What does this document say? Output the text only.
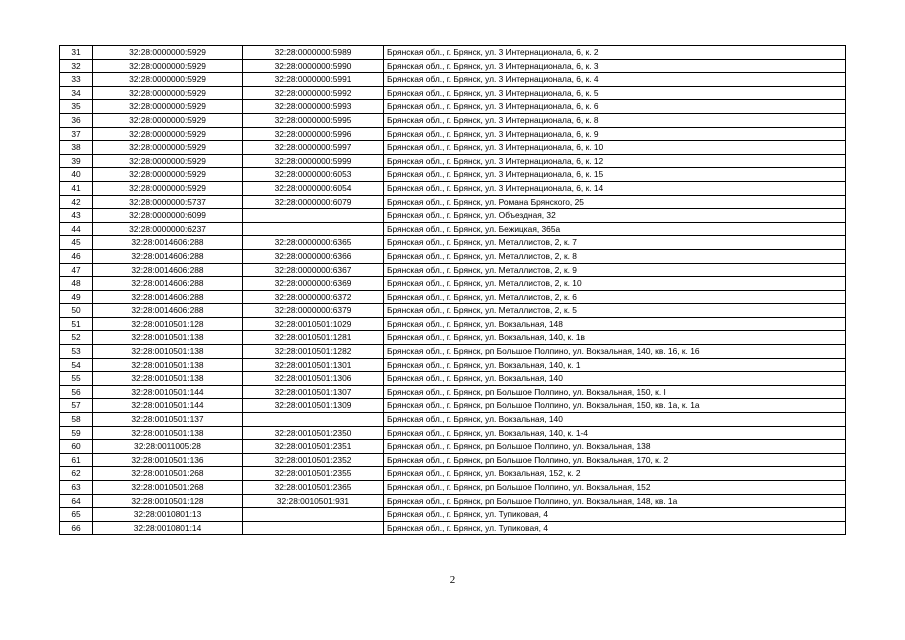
31	32:28:0000000:5929	32:28:0000000:5989	Брянская обл., г. Брянск, ул. 3 Интернационала, 6, к. 2
32	32:28:0000000:5929	32:28:0000000:5990	Брянская обл., г. Брянск, ул. 3 Интернационала, 6, к. 3
33	32:28:0000000:5929	32:28:0000000:5991	Брянская обл., г. Брянск, ул. 3 Интернационала, 6, к. 4
34	32:28:0000000:5929	32:28:0000000:5992	Брянская обл., г. Брянск, ул. 3 Интернационала, 6, к. 5
35	32:28:0000000:5929	32:28:0000000:5993	Брянская обл., г. Брянск, ул. 3 Интернационала, 6, к. 6
36	32:28:0000000:5929	32:28:0000000:5995	Брянская обл., г. Брянск, ул. 3 Интернационала, 6, к. 8
37	32:28:0000000:5929	32:28:0000000:5996	Брянская обл., г. Брянск, ул. 3 Интернационала, 6, к. 9
38	32:28:0000000:5929	32:28:0000000:5997	Брянская обл., г. Брянск, ул. 3 Интернационала, 6, к. 10
39	32:28:0000000:5929	32:28:0000000:5999	Брянская обл., г. Брянск, ул. 3 Интернационала, 6, к. 12
40	32:28:0000000:5929	32:28:0000000:6053	Брянская обл., г. Брянск, ул. 3 Интернационала, 6, к. 15
41	32:28:0000000:5929	32:28:0000000:6054	Брянская обл., г. Брянск, ул. 3 Интернационала, 6, к. 14
42	32:28:0000000:5737	32:28:0000000:6079	Брянская обл., г. Брянск, ул. Романа Брянского, 25
43	32:28:0000000:6099		Брянская обл., г. Брянск, ул. Объездная, 32
44	32:28:0000000:6237		Брянская обл., г. Брянск, ул. Бежицкая, 365а
45	32:28:0014606:288	32:28:0000000:6365	Брянская обл., г. Брянск, ул. Металлистов, 2, к. 7
46	32:28:0014606:288	32:28:0000000:6366	Брянская обл., г. Брянск, ул. Металлистов, 2, к. 8
47	32:28:0014606:288	32:28:0000000:6367	Брянская обл., г. Брянск, ул. Металлистов, 2, к. 9
48	32:28:0014606:288	32:28:0000000:6369	Брянская обл., г. Брянск, ул. Металлистов, 2, к. 10
49	32:28:0014606:288	32:28:0000000:6372	Брянская обл., г. Брянск, ул. Металлистов, 2, к. 6
50	32:28:0014606:288	32:28:0000000:6379	Брянская обл., г. Брянск, ул. Металлистов, 2, к. 5
51	32:28:0010501:128	32:28:0010501:1029	Брянская обл., г. Брянск, ул. Вокзальная, 148
52	32:28:0010501:138	32:28:0010501:1281	Брянская обл., г. Брянск, ул. Вокзальная, 140, к. 1в
53	32:28:0010501:138	32:28:0010501:1282	Брянская обл., г. Брянск, рп Большое Полпино, ул. Вокзальная, 140, кв. 16, к. 16
54	32:28:0010501:138	32:28:0010501:1301	Брянская обл., г. Брянск, ул. Вокзальная, 140, к. 1
55	32:28:0010501:138	32:28:0010501:1306	Брянская обл., г. Брянск, ул. Вокзальная, 140
56	32:28:0010501:144	32:28:0010501:1307	Брянская обл., г. Брянск, рп Большое Полпино, ул. Вокзальная, 150, к. I
57	32:28:0010501:144	32:28:0010501:1309	Брянская обл., г. Брянск, рп Большое Полпино, ул. Вокзальная, 150, кв. 1а, к. 1а
58	32:28:0010501:137		Брянская обл., г. Брянск, ул. Вокзальная, 140
59	32:28:0010501:138	32:28:0010501:2350	Брянская обл., г. Брянск, ул. Вокзальная, 140, к. 1-4
60	32:28:0011005:28	32:28:0010501:2351	Брянская обл., г. Брянск, рп Большое Полпино, ул. Вокзальная, 138
61	32:28:0010501:136	32:28:0010501:2352	Брянская обл., г. Брянск, рп Большое Полпино, ул. Вокзальная, 170, к. 2
62	32:28:0010501:268	32:28:0010501:2355	Брянская обл., г. Брянск, ул. Вокзальная, 152, к. 2
63	32:28:0010501:268	32:28:0010501:2365	Брянская обл., г. Брянск, рп Большое Полпино, ул. Вокзальная, 152
64	32:28:0010501:128	32:28:0010501:931	Брянская обл., г. Брянск, рп Большое Полпино, ул. Вокзальная, 148, кв. 1а
65	32:28:0010801:13		Брянская обл., г. Брянск, ул. Тупиковая, 4
66	32:28:0010801:14		Брянская обл., г. Брянск, ул. Тупиковая, 4
2
